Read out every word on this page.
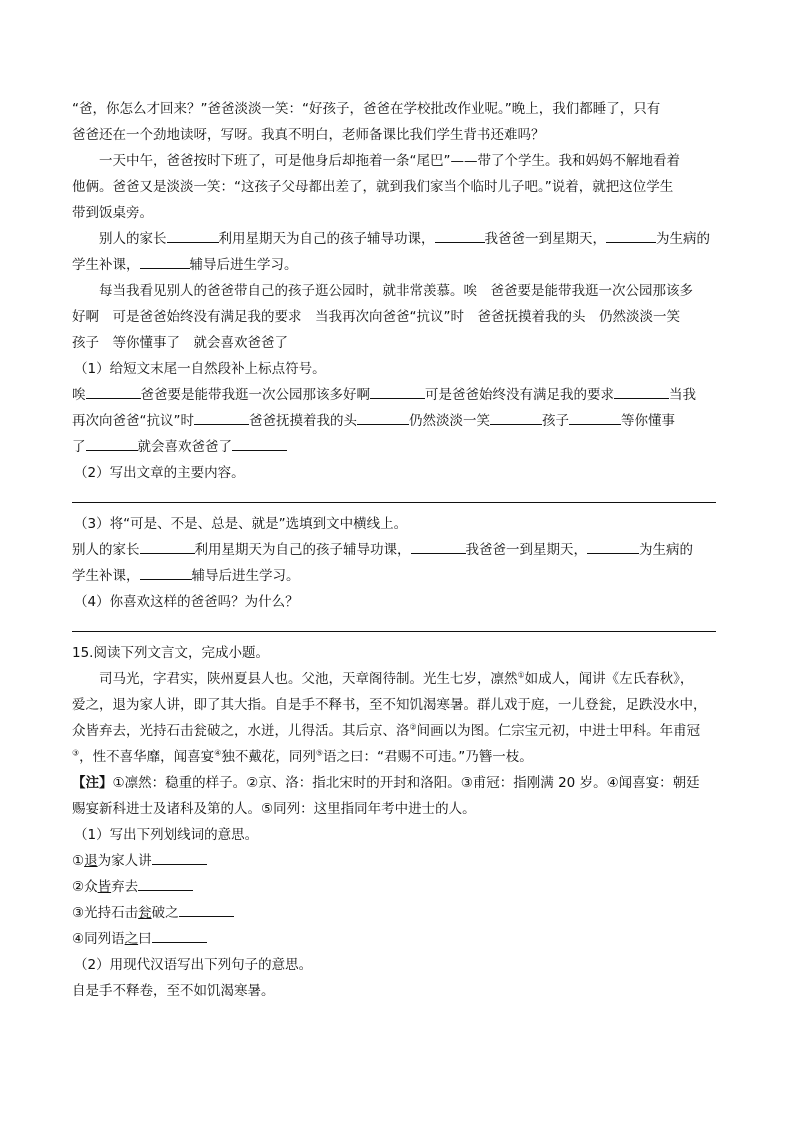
“爸，你怎么才回来？”爸爸淡淡一笑：“好孩子，爸爸在学校批改作业呢。”晚上，我们都睡了，只有

爸爸还在一个劲地读呀，写呀。我真不明白，老师备课比我们学生背书还难吗？

一天中午，爸爸按时下班了，可是他身后却拖着一条“尾巴”——带了个学生。我和妈妈不解地看着

他俩。爸爸又是淡淡一笑：“这孩子父母都出差了，就到我们家当个临时儿子吧。”说着，就把这位学生

带到饭桌旁。

别人的家长	利用星期天为自己的孩子辅导功课，	我爸爸一到星期天，	为生病的

学生补课，	辅导后进生学习。

每当我看见别人的爸爸带自己的孩子逛公园时，就非常羡慕。唉　爸爸要是能带我逛一次公园那该多

好啊　可是爸爸始终没有满足我的要求　当我再次向爸爸“抗议”时　爸爸抚摸着我的头　仍然淡淡一笑

孩子　等你懂事了　就会喜欢爸爸了

（1）给短文末尾一自然段补上标点符号。

唉	爸爸要是能带我逛一次公园那该多好啊	可是爸爸始终没有满足我的要求	当我

再次向爸爸“抗议”时	爸爸抚摸着我的头	仍然淡淡一笑	孩子	等你懂事

了	就会喜欢爸爸了

（2）写出文章的主要内容。

（3）将“可是、不是、总是、就是”选填到文中横线上。

别人的家长	利用星期天为自己的孩子辅导功课，	我爸爸一到星期天，	为生病的

学生补课，	辅导后进生学习。

（4）你喜欢这样的爸爸吗？为什么？

15.阅读下列文言文，完成小题。

司马光，字君实，陕州夏县人也。父池，天章阁待制。光生七岁，凛然①如成人，闻讲《左氏春秋》，

爱之，退为家人讲，即了其大指。自是手不释书，至不知饥渴寒暑。群儿戏于庭，一儿登瓮，足跌没水中，

众皆弃去，光持石击瓮破之，水迸，儿得活。其后京、洛②间画以为图。仁宗宝元初，中进士甲科。年甫冠

③，性不喜华靡，闻喜宴④独不戴花，同列⑤语之曰：“君赐不可违。”乃簪一枝。

【注】①凛然：稳重的样子。②京、洛：指北宋时的开封和洛阳。③甫冠：指刚满 20 岁。④闻喜宴：朝廷

赐宴新科进士及诸科及第的人。⑤同列：这里指同年考中进士的人。

（1）写出下列划线词的意思。

①退为家人讲

②众皆弃去

③光持石击瓮破之

④同列语之曰

（2）用现代汉语写出下列句子的意思。

自是手不释卷，至不如饥渴寒暑。
